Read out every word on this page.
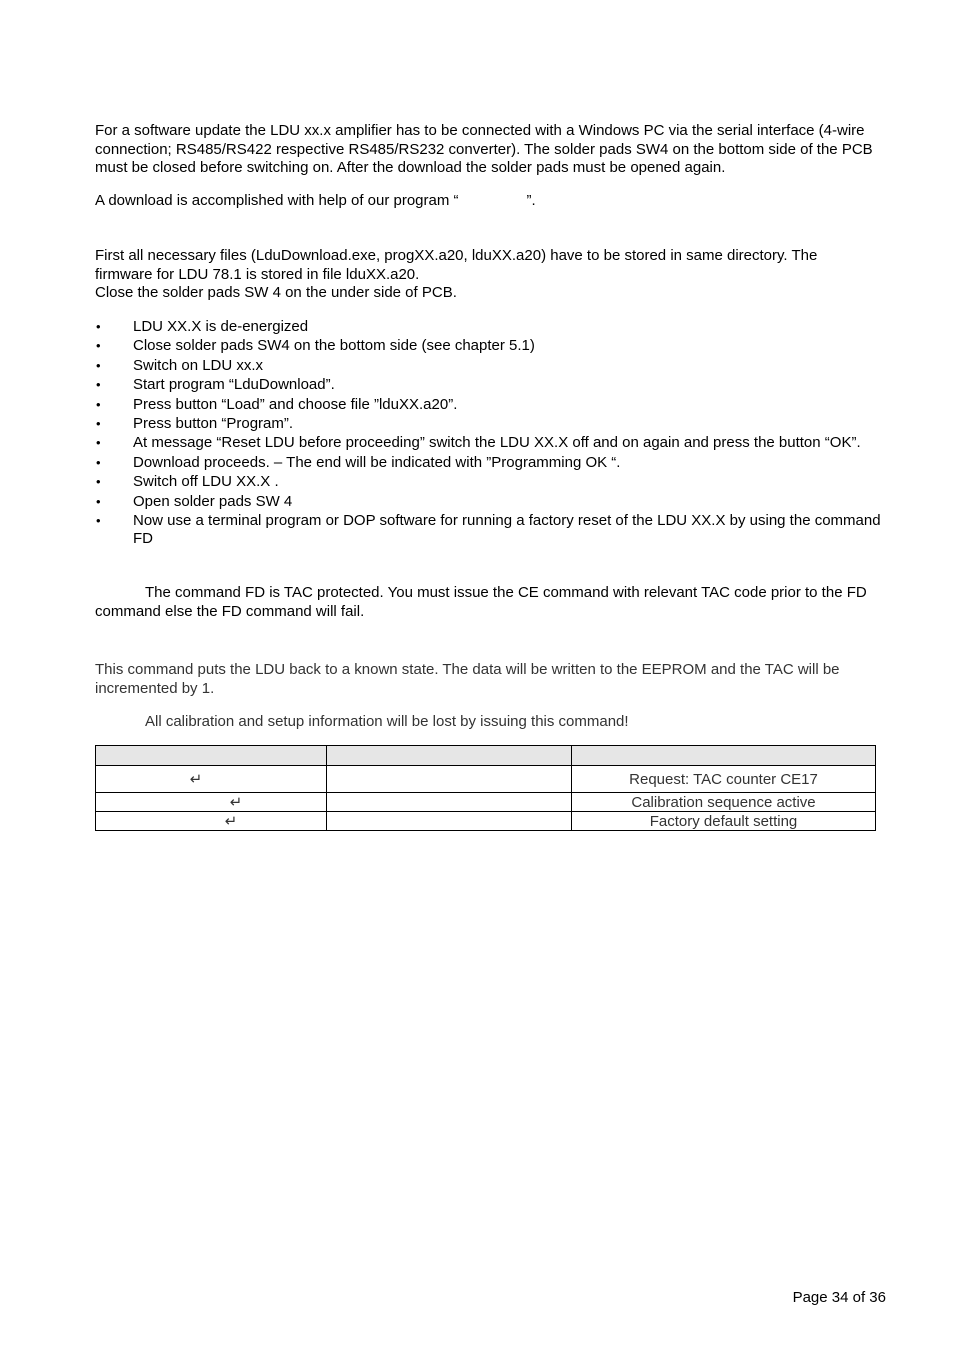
For a software update the LDU xx.x amplifier has to be connected with a Windows PC via the serial interface (4-wire connection; RS485/RS422 respective RS485/RS232 converter). The solder pads SW4 on the bottom side of the PCB must be closed before switching on. After the download the solder pads must be opened again.

A download is accomplished with help of our program “	”.

First all necessary files (LduDownload.exe, progXX.a20, lduXX.a20) have to be stored in same directory. The
firmware for LDU 78.1 is stored in file lduXX.a20.
Close the solder pads SW 4 on the under side of PCB.

• LDU XX.X is de-energized
• Close solder pads SW4 on the bottom side (see chapter 5.1)
• Switch on LDU xx.x
• Start program “LduDownload”.
• Press button “Load” and choose file ”lduXX.a20”.
• Press button “Program”.
• At message “Reset LDU before proceeding” switch the LDU XX.X off and on again and press the button “OK”.
• Download proceeds. – The end will be indicated with ”Programming OK “.
• Switch off LDU XX.X .
• Open solder pads SW 4
• Now use a terminal program or DOP software for running a factory reset of the LDU XX.X by using the command FD

The command FD is TAC protected. You must issue the CE command with relevant TAC code prior to the FD command else the FD command will fail.

This command puts the LDU back to a known state. The data will be written to the EEPROM and the TAC will be incremented by 1.

All calibration and setup information will be lost by issuing this command!

↵		Request: TAC counter CE17
↵		Calibration sequence active
↵		Factory default setting
Page 34 of 36
